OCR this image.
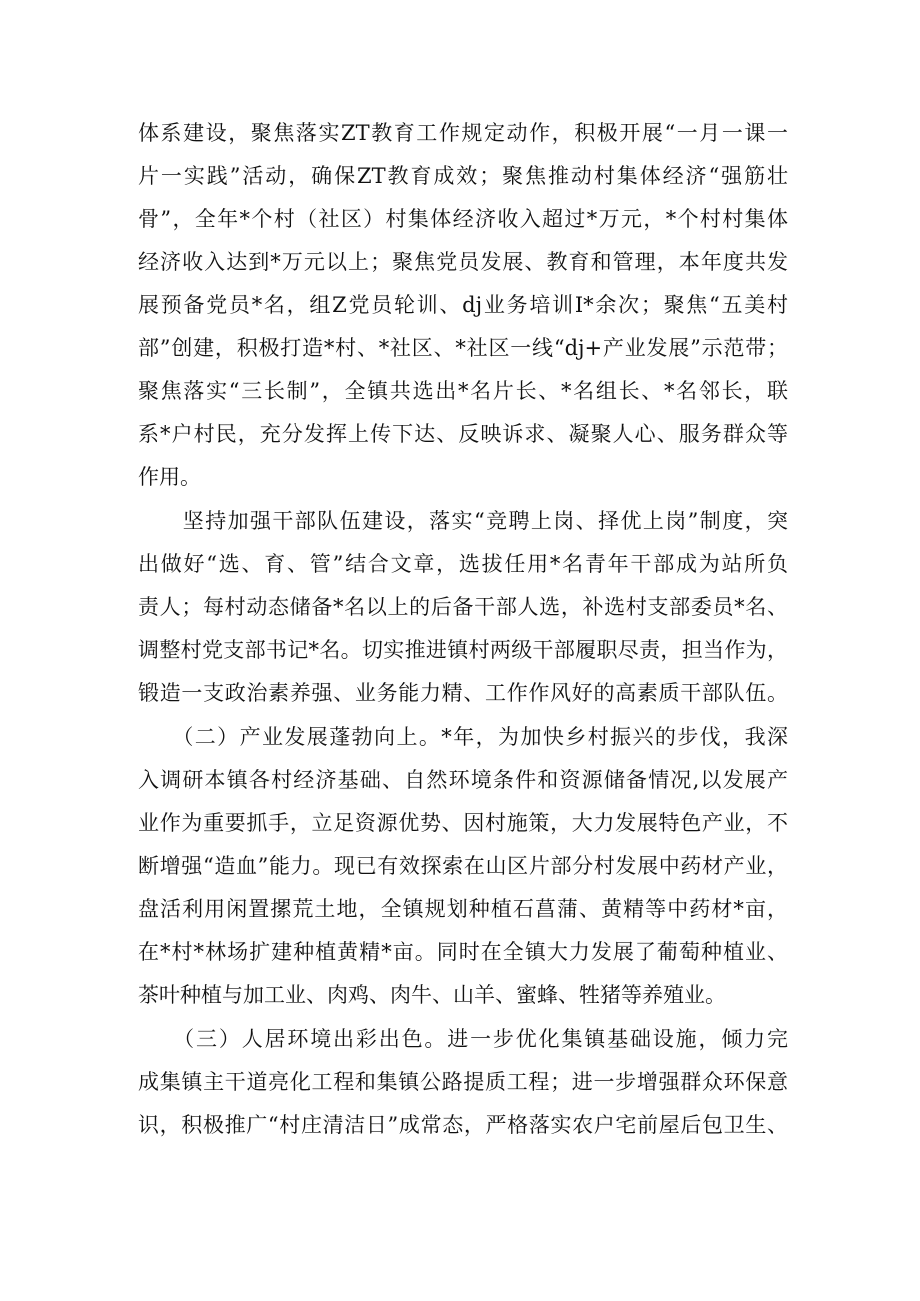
体系建设，聚焦落实ZT教育工作规定动作，积极开展“一月一课一
片一实践”活动，确保ZT教育成效；聚焦推动村集体经济“强筋壮
骨”，全年*个村（社区）村集体经济收入超过*万元，*个村村集体
经济收入达到*万元以上；聚焦党员发展、教育和管理，本年度共发
展预备党员*名，组Z党员轮训、dj业务培训I*余次；聚焦“五美村
部”创建，积极打造*村、*社区、*社区一线“dj+产业发展”示范带；
聚焦落实“三长制”，全镇共选出*名片长、*名组长、*名邻长，联
系*户村民，充分发挥上传下达、反映诉求、凝聚人心、服务群众等
作用。
　　坚持加强干部队伍建设，落实“竞聘上岗、择优上岗”制度，突
出做好“选、育、管”结合文章，选拔任用*名青年干部成为站所负
责人；每村动态储备*名以上的后备干部人选，补选村支部委员*名、
调整村党支部书记*名。切实推进镇村两级干部履职尽责，担当作为，
锻造一支政治素养强、业务能力精、工作作风好的高素质干部队伍。
　　（二）产业发展蓬勃向上。*年，为加快乡村振兴的步伐，我深
入调研本镇各村经济基础、自然环境条件和资源储备情况,以发展产
业作为重要抓手，立足资源优势、因村施策，大力发展特色产业，不
断增强“造血”能力。现已有效探索在山区片部分村发展中药材产业，
盘活利用闲置摞荒土地，全镇规划种植石菖蒲、黄精等中药材*亩，
在*村*林场扩建种植黄精*亩。同时在全镇大力发展了葡萄种植业、
茶叶种植与加工业、肉鸡、肉牛、山羊、蜜蜂、牲猪等养殖业。
　　（三）人居环境出彩出色。进一步优化集镇基础设施，倾力完
成集镇主干道亮化工程和集镇公路提质工程；进一步增强群众环保意
识，积极推广“村庄清洁日”成常态，严格落实农户宅前屋后包卫生、
